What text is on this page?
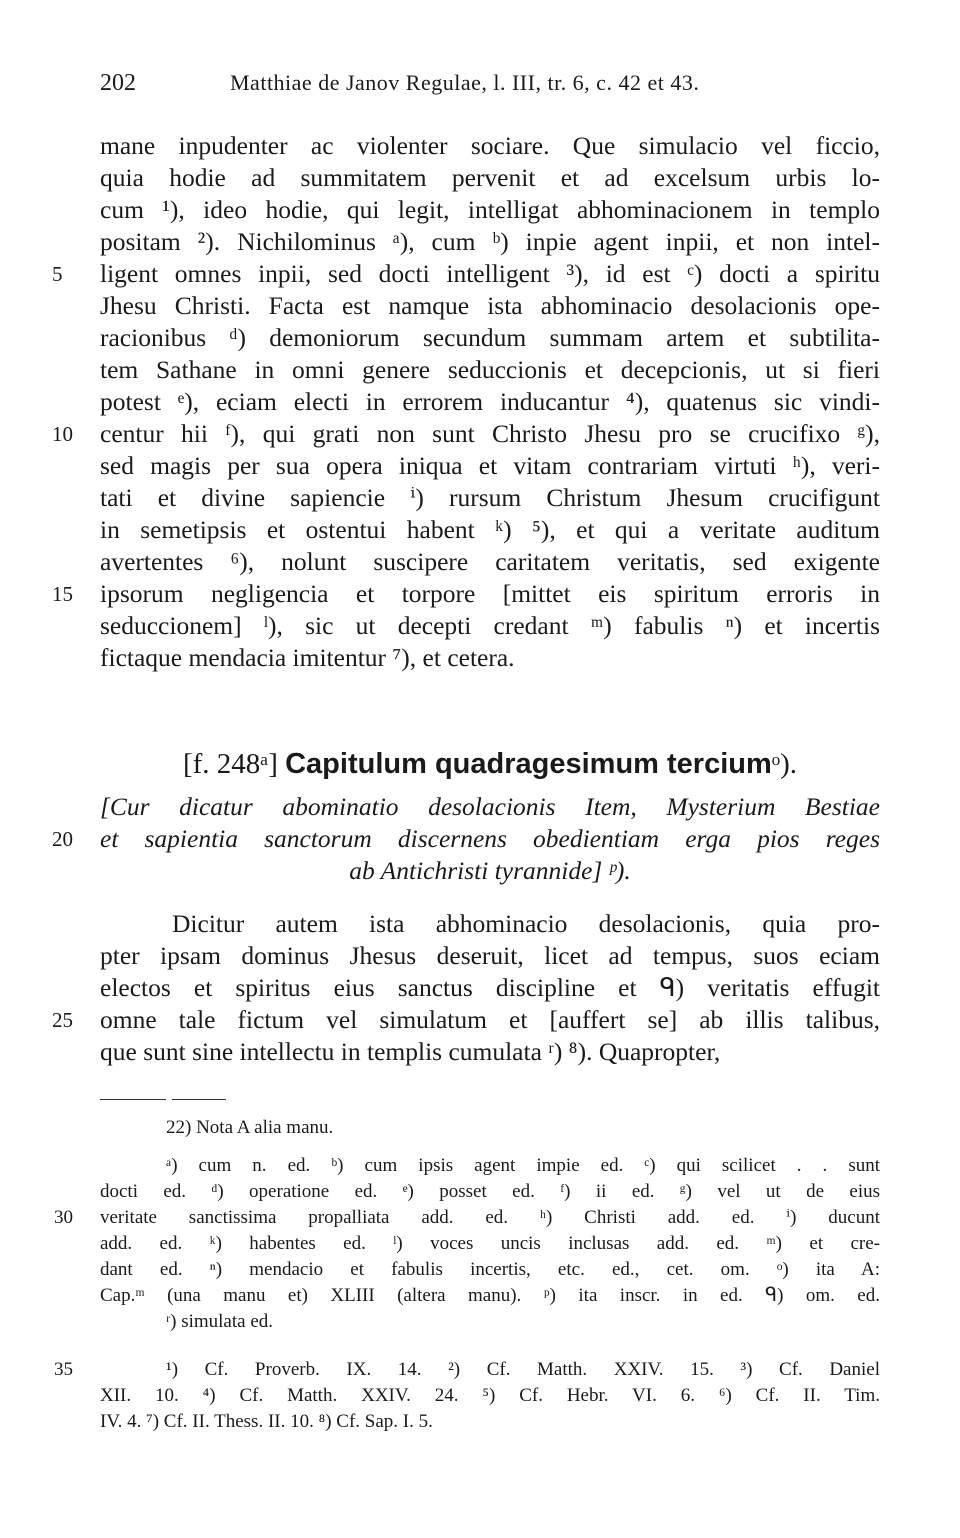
202	Matthiae de Janov Regulae, l. III, tr. 6, c. 42 et 43.
mane inpudenter ac violenter sociare. Que simulacio vel ficcio,
quia hodie ad summitatem pervenit et ad excelsum urbis lo-
cum ¹), ideo hodie, qui legit, intelligat abhominacionem in templo
positam ²). Nichilominus ᵃ), cum ᵇ) inpie agent inpii, et non intel-
5	ligent omnes inpii, sed docti intelligent ³), id est ᶜ) docti a spiritu
Jhesu Christi. Facta est namque ista abhominacio desolacionis ope-
racionibus ᵈ) demoniorum secundum summam artem et subtilita-
tem Sathane in omni genere seduccionis et decepcionis, ut si fieri
potest ᵉ), eciam electi in errorem inducantur ⁴), quatenus sic vindi-
10	centur hii ᶠ), qui grati non sunt Christo Jhesu pro se crucifixo ᵍ),
sed magis per sua opera iniqua et vitam contrariam virtuti ʰ), veri-
tati et divine sapiencie ⁱ) rursum Christum Jhesum crucifigunt
in semetipsis et ostentui habent ᵏ) ⁵), et qui a veritate auditum
avertentes ⁶), nolunt suscipere caritatem veritatis, sed exigente
15	ipsorum negligencia et torpore [mittet eis spiritum erroris in
seduccionem] ˡ), sic ut decepti credant ᵐ) fabulis ⁿ) et incertis
fictaque mendacia imitentur ⁷), et cetera.
[f. 248ᵃ] Capitulum quadragesimum terciumᵒ).
[Cur dicatur abominatio desolacionis Item, Mysterium Bestiae
20	et sapientia sanctorum discernens obedientiam erga pios reges
ab Antichristi tyrannide] ᵖ).
Dicitur autem ista abhominacio desolacionis, quia pro-
pter ipsam dominus Jhesus deseruit, licet ad tempus, suos eciam
electos et spiritus eius sanctus discipline et ᑫ) veritatis effugit
25	omne tale fictum vel simulatum et [auffert se] ab illis talibus,
que sunt sine intellectu in templis cumulata ʳ) ⁸). Quapropter,
22) Nota A alia manu.
ᵃ) cum n. ed. ᵇ) cum ipsis agent impie ed. ᶜ) qui scilicet . . sunt
docti ed. ᵈ) operatione ed. ᵉ) posset ed. ᶠ) ii ed. ᵍ) vel ut de eius
30	veritate sanctissima propalliata add. ed. ʰ) Christi add. ed. ⁱ) ducunt
add. ed. ᵏ) habentes ed. ˡ) voces uncis inclusas add. ed. ᵐ) et cre-
dant ed. ⁿ) mendacio et fabulis incertis, etc. ed., cet. om. ᵒ) ita A:
Cap.ᵐ (una manu et) XLIII (altera manu). ᵖ) ita inscr. in ed. ᑫ) om. ed.
ʳ) simulata ed.
35	¹) Cf. Proverb. IX. 14. ²) Cf. Matth. XXIV. 15. ³) Cf. Daniel
XII. 10. ⁴) Cf. Matth. XXIV. 24. ⁵) Cf. Hebr. VI. 6. ⁶) Cf. II. Tim.
IV. 4. ⁷) Cf. II. Thess. II. 10. ⁸) Cf. Sap. I. 5.
